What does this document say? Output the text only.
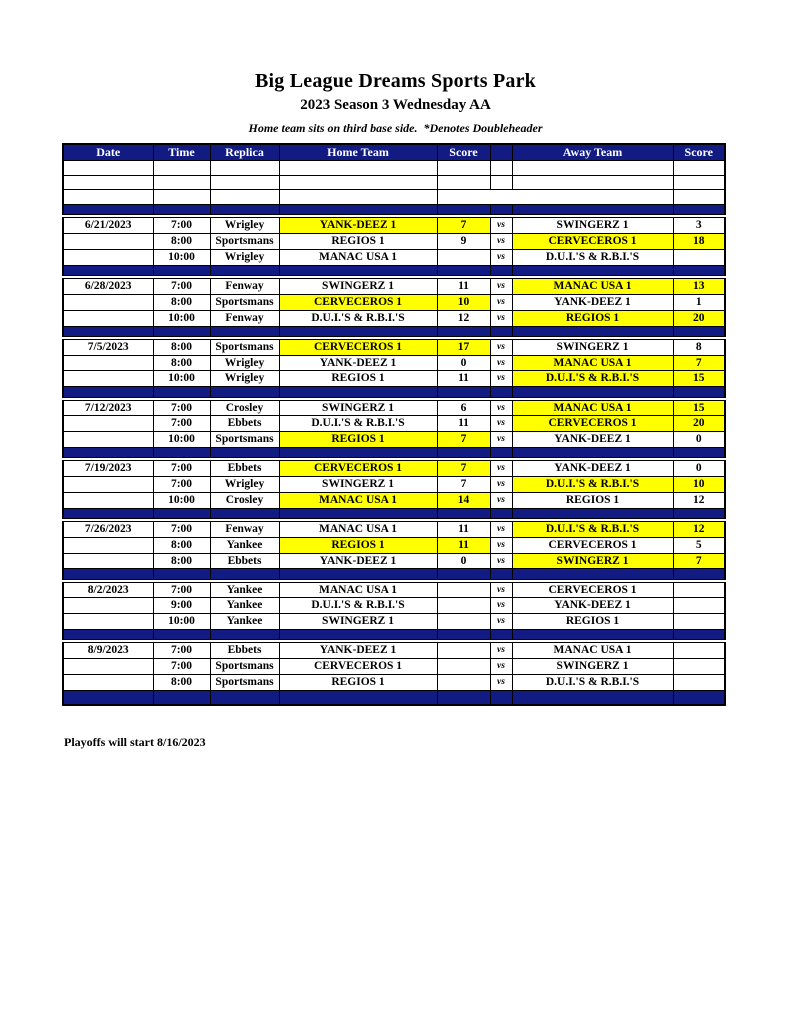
Big League Dreams Sports Park
2023 Season 3 Wednesday AA
Home team sits on third base side.  *Denotes Doubleheader
Date	Time	Replica	Home Team	Score		Away Team	Score

6/21/2023	7:00	Wrigley	YANK-DEEZ 1	7	vs	SWINGERZ 1	3
	8:00	Sportsmans	REGIOS 1	9	vs	CERVECEROS 1	18
	10:00	Wrigley	MANAC USA 1		vs	D.U.I.'S & R.B.I.'S	

6/28/2023	7:00	Fenway	SWINGERZ 1	11	vs	MANAC USA 1	13
	8:00	Sportsmans	CERVECEROS 1	10	vs	YANK-DEEZ 1	1
	10:00	Fenway	D.U.I.'S & R.B.I.'S	12	vs	REGIOS 1	20

7/5/2023	8:00	Sportsmans	CERVECEROS 1	17	vs	SWINGERZ 1	8
	8:00	Wrigley	YANK-DEEZ 1	0	vs	MANAC USA 1	7
	10:00	Wrigley	REGIOS 1	11	vs	D.U.I.'S & R.B.I.'S	15

7/12/2023	7:00	Crosley	SWINGERZ 1	6	vs	MANAC USA 1	15
	7:00	Ebbets	D.U.I.'S & R.B.I.'S	11	vs	CERVECEROS 1	20
	10:00	Sportsmans	REGIOS 1	7	vs	YANK-DEEZ 1	0

7/19/2023	7:00	Ebbets	CERVECEROS 1	7	vs	YANK-DEEZ 1	0
	7:00	Wrigley	SWINGERZ 1	7	vs	D.U.I.'S & R.B.I.'S	10
	10:00	Crosley	MANAC USA 1	14	vs	REGIOS 1	12

7/26/2023	7:00	Fenway	MANAC USA 1	11	vs	D.U.I.'S & R.B.I.'S	12
	8:00	Yankee	REGIOS 1	11	vs	CERVECEROS 1	5
	8:00	Ebbets	YANK-DEEZ 1	0	vs	SWINGERZ 1	7

8/2/2023	7:00	Yankee	MANAC USA 1		vs	CERVECEROS 1	
	9:00	Yankee	D.U.I.'S & R.B.I.'S		vs	YANK-DEEZ 1	
	10:00	Yankee	SWINGERZ 1		vs	REGIOS 1	

8/9/2023	7:00	Ebbets	YANK-DEEZ 1		vs	MANAC USA 1	
	7:00	Sportsmans	CERVECEROS 1		vs	SWINGERZ 1	
	8:00	Sportsmans	REGIOS 1		vs	D.U.I.'S & R.B.I.'S	

Playoffs will start 8/16/2023
